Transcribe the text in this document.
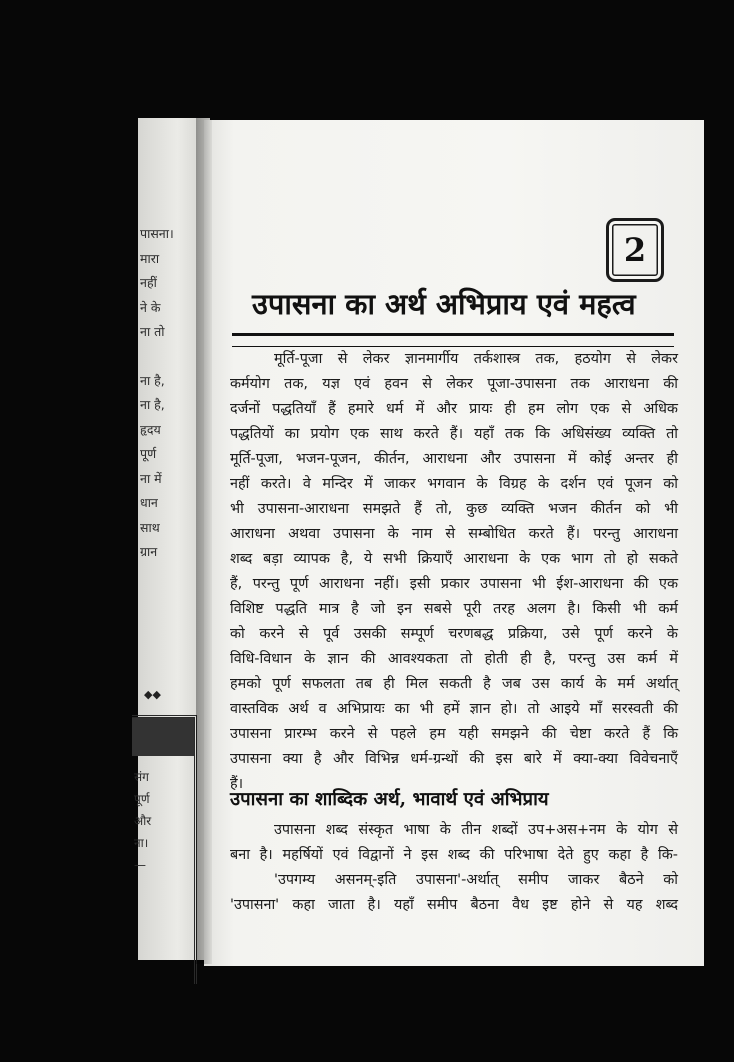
पासना।
मारा
नहीं
ने के
ना तो
ना है,
ना है,
हृदय
पूर्ण
ना में
धान
साथ
ग्रान
◆◆
संग
पूर्ण
और
ना।
—
2
उपासना का अर्थ अभिप्राय एवं महत्व
मूर्ति-पूजा से लेकर ज्ञानमार्गीय तर्कशास्त्र तक, हठयोग से लेकर
कर्मयोग तक, यज्ञ एवं हवन से लेकर पूजा-उपासना तक आराधना की
दर्जनों पद्धतियाँ हैं हमारे धर्म में और प्रायः ही हम लोग एक से अधिक
पद्धतियों का प्रयोग एक साथ करते हैं। यहाँ तक कि अधिसंख्य व्यक्ति तो
मूर्ति-पूजा, भजन-पूजन, कीर्तन, आराधना और उपासना में कोई अन्तर ही
नहीं करते। वे मन्दिर में जाकर भगवान के विग्रह के दर्शन एवं पूजन को
भी उपासना-आराधना समझते हैं तो, कुछ व्यक्ति भजन कीर्तन को भी
आराधना अथवा उपासना के नाम से सम्बोधित करते हैं। परन्तु आराधना
शब्द बड़ा व्यापक है, ये सभी क्रियाएँ आराधना के एक भाग तो हो सकते
हैं, परन्तु पूर्ण आराधना नहीं। इसी प्रकार उपासना भी ईश-आराधना की एक
विशिष्ट पद्धति मात्र है जो इन सबसे पूरी तरह अलग है। किसी भी कर्म
को करने से पूर्व उसकी सम्पूर्ण चरणबद्ध प्रक्रिया, उसे पूर्ण करने के
विधि-विधान के ज्ञान की आवश्यकता तो होती ही है, परन्तु उस कर्म में
हमको पूर्ण सफलता तब ही मिल सकती है जब उस कार्य के मर्म अर्थात्
वास्तविक अर्थ व अभिप्रायः का भी हमें ज्ञान हो। तो आइये माँ सरस्वती की
उपासना प्रारम्भ करने से पहले हम यही समझने की चेष्टा करते हैं कि
उपासना क्या है और विभिन्न धर्म-ग्रन्थों की इस बारे में क्या-क्या विवेचनाएँ
हैं।
उपासना का शाब्दिक अर्थ, भावार्थ एवं अभिप्राय
उपासना शब्द संस्कृत भाषा के तीन शब्दों उप+अस+नम के योग से
बना है। महर्षियों एवं विद्वानों ने इस शब्द की परिभाषा देते हुए कहा है कि-
'उपगम्य असनम्-इति उपासना'-अर्थात् समीप जाकर बैठने को
'उपासना' कहा जाता है। यहाँ समीप बैठना वैध इष्ट होने से यह शब्द
